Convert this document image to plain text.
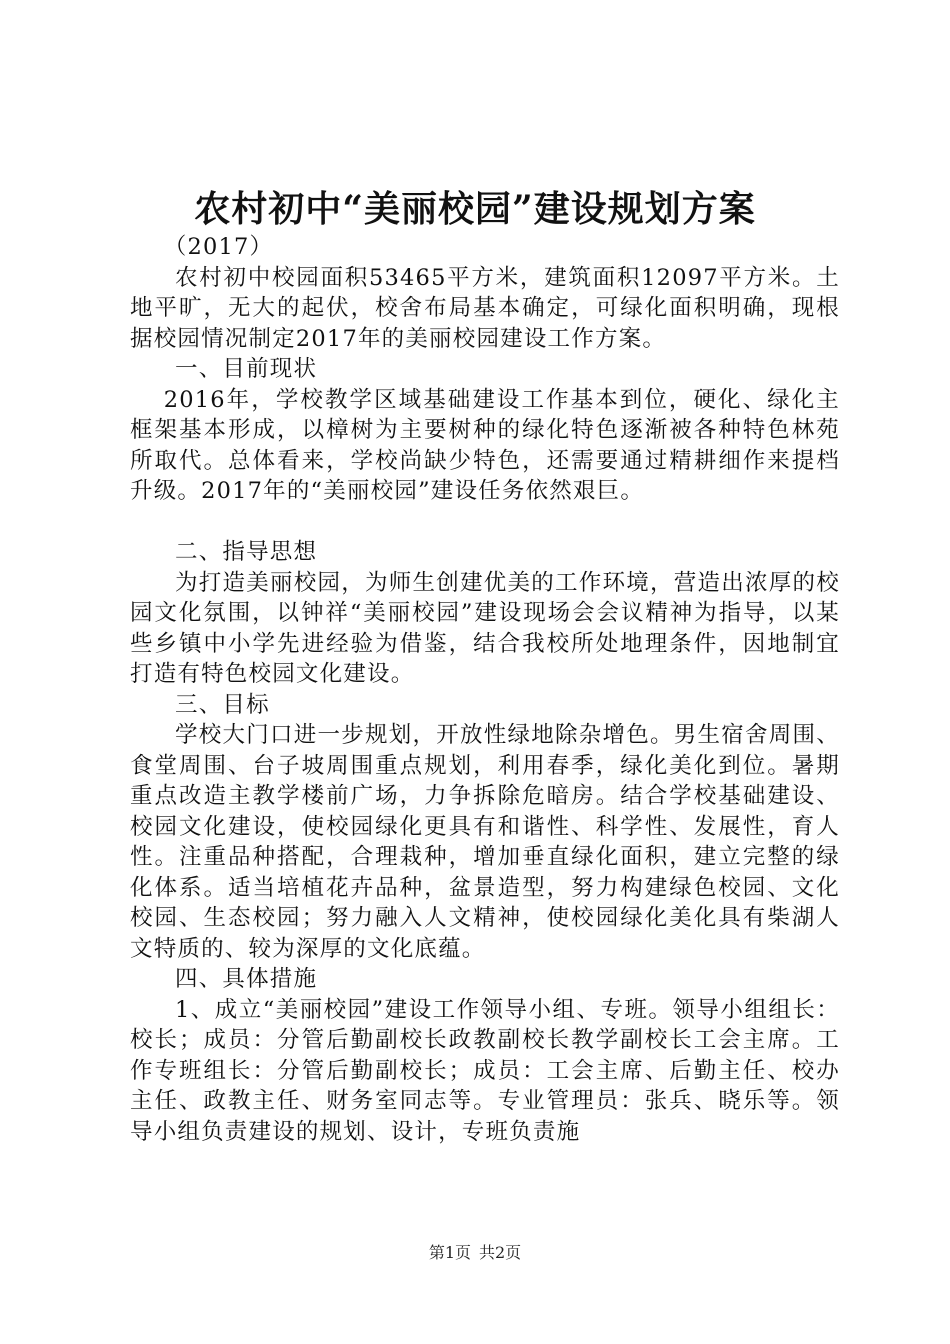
农村初中“美丽校园”建设规划方案

（2017）

农村初中校园面积53465平方米，建筑面积12097平方米。土地平旷，无大的起伏，校舍布局基本确定，可绿化面积明确，现根据校园情况制定2017年的美丽校园建设工作方案。

一、目前现状

2016年，学校教学区域基础建设工作基本到位，硬化、绿化主框架基本形成，以樟树为主要树种的绿化特色逐渐被各种特色林苑所取代。总体看来，学校尚缺少特色，还需要通过精耕细作来提档升级。2017年的“美丽校园”建设任务依然艰巨。

二、指导思想

为打造美丽校园，为师生创建优美的工作环境，营造出浓厚的校园文化氛围，以钟祥“美丽校园”建设现场会会议精神为指导，以某些乡镇中小学先进经验为借鉴，结合我校所处地理条件，因地制宜打造有特色校园文化建设。

三、目标

学校大门口进一步规划，开放性绿地除杂增色。男生宿舍周围、食堂周围、台子坡周围重点规划，利用春季，绿化美化到位。暑期重点改造主教学楼前广场，力争拆除危暗房。结合学校基础建设、校园文化建设，使校园绿化更具有和谐性、科学性、发展性，育人性。注重品种搭配，合理栽种，增加垂直绿化面积，建立完整的绿化体系。适当培植花卉品种，盆景造型，努力构建绿色校园、文化校园、生态校园；努力融入人文精神，使校园绿化美化具有柴湖人文特质的、较为深厚的文化底蕴。

四、具体措施

1、成立“美丽校园”建设工作领导小组、专班。领导小组组长：校长；成员：分管后勤副校长政教副校长教学副校长工会主席。工作专班组长：分管后勤副校长；成员：工会主席、后勤主任、校办主任、政教主任、财务室同志等。专业管理员：张兵、晓乐等。领导小组负责建设的规划、设计，专班负责施

第1页 共2页
